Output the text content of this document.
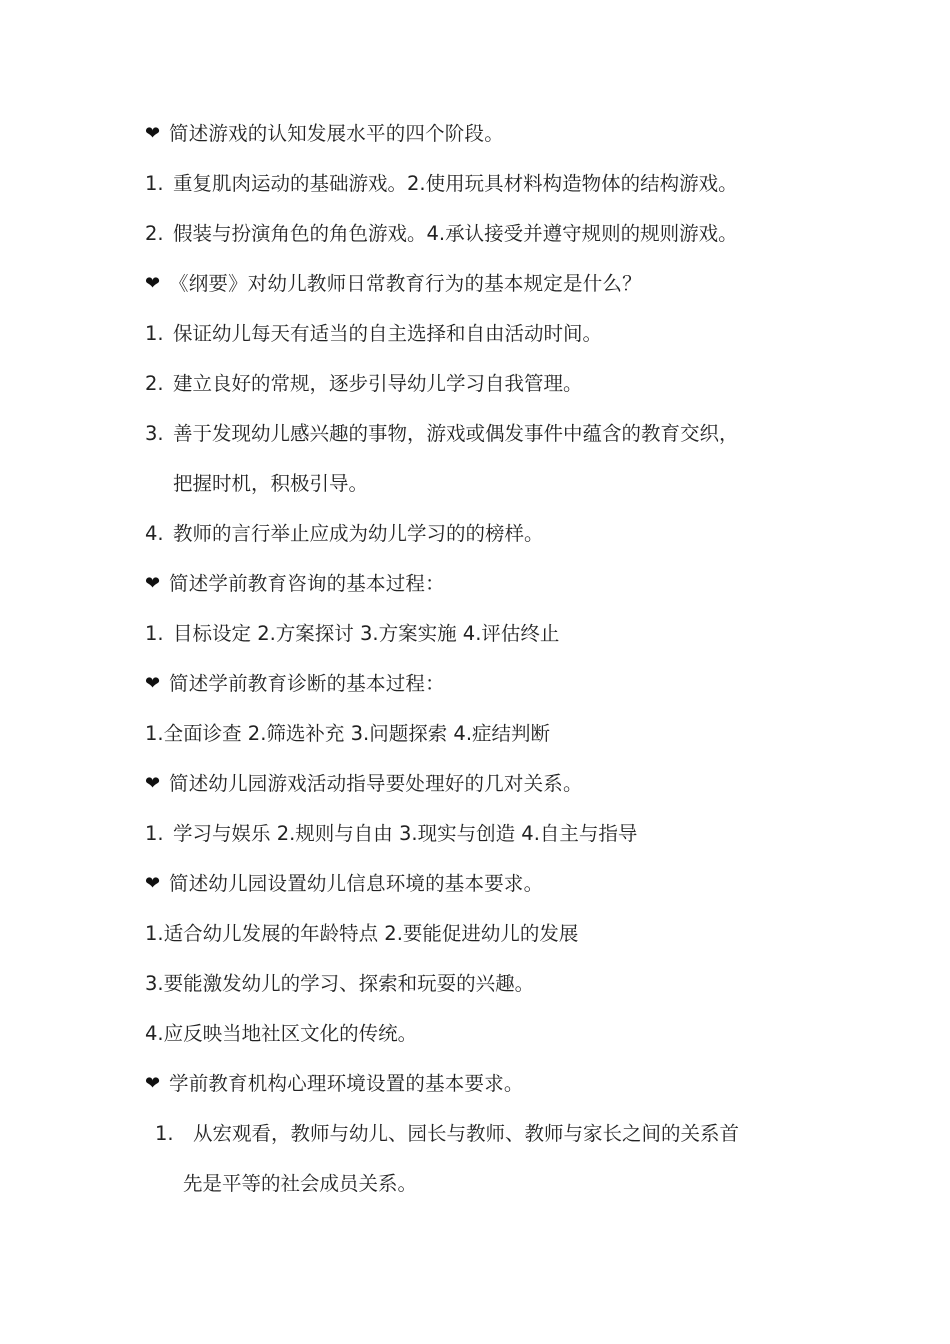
❤ 简述游戏的认知发展水平的四个阶段。
1. 重复肌肉运动的基础游戏。2.使用玩具材料构造物体的结构游戏。
2. 假装与扮演角色的角色游戏。4.承认接受并遵守规则的规则游戏。
❤ 《纲要》对幼儿教师日常教育行为的基本规定是什么？
1. 保证幼儿每天有适当的自主选择和自由活动时间。
2. 建立良好的常规，逐步引导幼儿学习自我管理。
3. 善于发现幼儿感兴趣的事物，游戏或偶发事件中蕴含的教育交织，
把握时机，积极引导。
4. 教师的言行举止应成为幼儿学习的的榜样。
❤ 简述学前教育咨询的基本过程：
1. 目标设定 2.方案探讨 3.方案实施 4.评估终止
❤ 简述学前教育诊断的基本过程：
1.全面诊查 2.筛选补充 3.问题探索 4.症结判断
❤ 简述幼儿园游戏活动指导要处理好的几对关系。
1. 学习与娱乐 2.规则与自由 3.现实与创造 4.自主与指导
❤ 简述幼儿园设置幼儿信息环境的基本要求。
1.适合幼儿发展的年龄特点 2.要能促进幼儿的发展
3.要能激发幼儿的学习、探索和玩耍的兴趣。
4.应反映当地社区文化的传统。
❤ 学前教育机构心理环境设置的基本要求。
1. 从宏观看，教师与幼儿、园长与教师、教师与家长之间的关系首
先是平等的社会成员关系。
